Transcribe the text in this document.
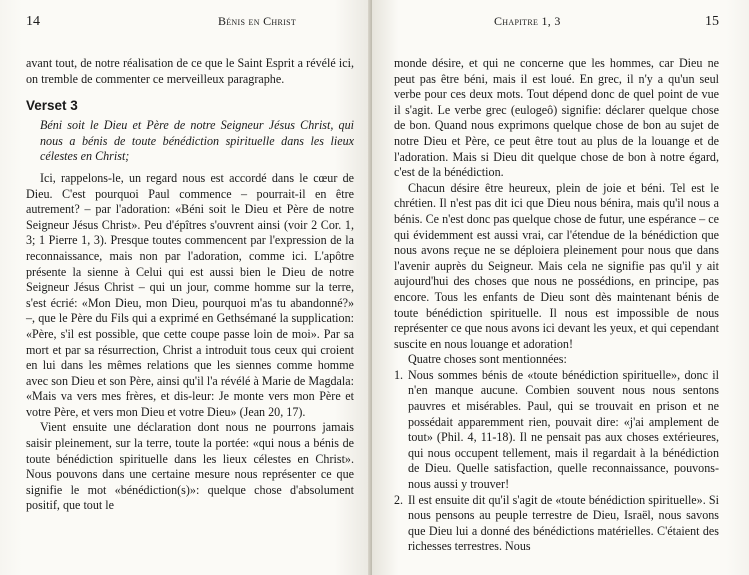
14	Bénis en Christ

avant tout, de notre réalisation de ce que le Saint Esprit a révélé ici, on tremble de commenter ce merveilleux paragraphe.

Verset 3

Béni soit le Dieu et Père de notre Seigneur Jésus Christ, qui nous a bénis de toute bénédiction spirituelle dans les lieux célestes en Christ;

Ici, rappelons-le, un regard nous est accordé dans le cœur de Dieu. C'est pourquoi Paul commence – pourrait-il en être autrement? – par l'adoration: «Béni soit le Dieu et Père de notre Seigneur Jésus Christ». Peu d'épîtres s'ouvrent ainsi (voir 2 Cor. 1, 3; 1 Pierre 1, 3). Presque toutes commencent par l'expression de la reconnaissance, mais non par l'adoration, comme ici. L'apôtre présente la sienne à Celui qui est aussi bien le Dieu de notre Seigneur Jésus Christ – qui un jour, comme homme sur la terre, s'est écrié: «Mon Dieu, mon Dieu, pourquoi m'as tu abandonné?» –, que le Père du Fils qui a exprimé en Gethsémané la supplication: «Père, s'il est possible, que cette coupe passe loin de moi». Par sa mort et par sa résurrection, Christ a introduit tous ceux qui croient en lui dans les mêmes relations que les siennes comme homme avec son Dieu et son Père, ainsi qu'il l'a révélé à Marie de Magdala: «Mais va vers mes frères, et dis-leur: Je monte vers mon Père et votre Père, et vers mon Dieu et votre Dieu» (Jean 20, 17).

Vient ensuite une déclaration dont nous ne pourrons jamais saisir pleinement, sur la terre, toute la portée: «qui nous a bénis de toute bénédiction spirituelle dans les lieux célestes en Christ». Nous pouvons dans une certaine mesure nous représenter ce que signifie le mot «bénédiction(s)»: quelque chose d'absolument positif, que tout le

Chapitre 1, 3	15

monde désire, et qui ne concerne que les hommes, car Dieu ne peut pas être béni, mais il est loué. En grec, il n'y a qu'un seul verbe pour ces deux mots. Tout dépend donc de quel point de vue il s'agit. Le verbe grec (eulogeô) signifie: déclarer quelque chose de bon. Quand nous exprimons quelque chose de bon au sujet de notre Dieu et Père, ce peut être tout au plus de la louange et de l'adoration. Mais si Dieu dit quelque chose de bon à notre égard, c'est de la bénédiction.

Chacun désire être heureux, plein de joie et béni. Tel est le chrétien. Il n'est pas dit ici que Dieu nous bénira, mais qu'il nous a bénis. Ce n'est donc pas quelque chose de futur, une espérance – ce qui évidemment est aussi vrai, car l'étendue de la bénédiction que nous avons reçue ne se déploiera pleinement pour nous que dans l'avenir auprès du Seigneur. Mais cela ne signifie pas qu'il y ait aujourd'hui des choses que nous ne possédions, en principe, pas encore. Tous les enfants de Dieu sont dès maintenant bénis de toute bénédiction spirituelle. Il nous est impossible de nous représenter ce que nous avons ici devant les yeux, et qui cependant suscite en nous louange et adoration!

Quatre choses sont mentionnées:

1. Nous sommes bénis de «toute bénédiction spirituelle», donc il n'en manque aucune. Combien souvent nous nous sentons pauvres et misérables. Paul, qui se trouvait en prison et ne possédait apparemment rien, pouvait dire: «j'ai amplement de tout» (Phil. 4, 11-18). Il ne pensait pas aux choses extérieures, qui nous occupent tellement, mais il regardait à la bénédiction de Dieu. Quelle satisfaction, quelle reconnaissance, pouvons-nous aussi y trouver!

2. Il est ensuite dit qu'il s'agit de «toute bénédiction spirituelle». Si nous pensons au peuple terrestre de Dieu, Israël, nous savons que Dieu lui a donné des bénédictions matérielles. C'étaient des richesses terrestres. Nous
